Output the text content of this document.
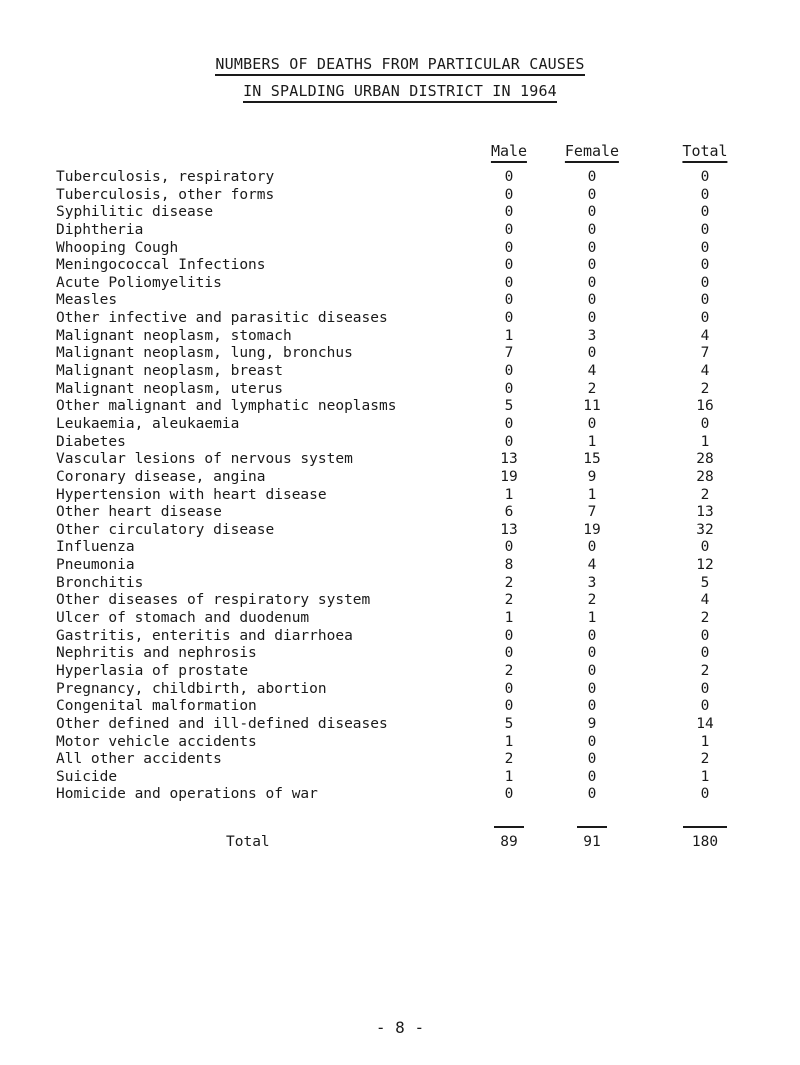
NUMBERS OF DEATHS FROM PARTICULAR CAUSES
IN SPALDING URBAN DISTRICT IN 1964
Male	Female	Total
Tuberculosis, respiratory	0	0	0
Tuberculosis, other forms	0	0	0
Syphilitic disease	0	0	0
Diphtheria	0	0	0
Whooping Cough	0	0	0
Meningococcal Infections	0	0	0
Acute Poliomyelitis	0	0	0
Measles	0	0	0
Other infective and parasitic diseases	0	0	0
Malignant neoplasm, stomach	1	3	4
Malignant neoplasm, lung, bronchus	7	0	7
Malignant neoplasm, breast	0	4	4
Malignant neoplasm, uterus	0	2	2
Other malignant and lymphatic neoplasms	5	11	16
Leukaemia, aleukaemia	0	0	0
Diabetes	0	1	1
Vascular lesions of nervous system	13	15	28
Coronary disease, angina	19	9	28
Hypertension with heart disease	1	1	2
Other heart disease	6	7	13
Other circulatory disease	13	19	32
Influenza	0	0	0
Pneumonia	8	4	12
Bronchitis	2	3	5
Other diseases of respiratory system	2	2	4
Ulcer of stomach and duodenum	1	1	2
Gastritis, enteritis and diarrhoea	0	0	0
Nephritis and nephrosis	0	0	0
Hyperlasia of prostate	2	0	2
Pregnancy, childbirth, abortion	0	0	0
Congenital malformation	0	0	0
Other defined and ill-defined diseases	5	9	14
Motor vehicle accidents	1	0	1
All other accidents	2	0	2
Suicide	1	0	1
Homicide and operations of war	0	0	0
Total	89	91	180
- 8 -
